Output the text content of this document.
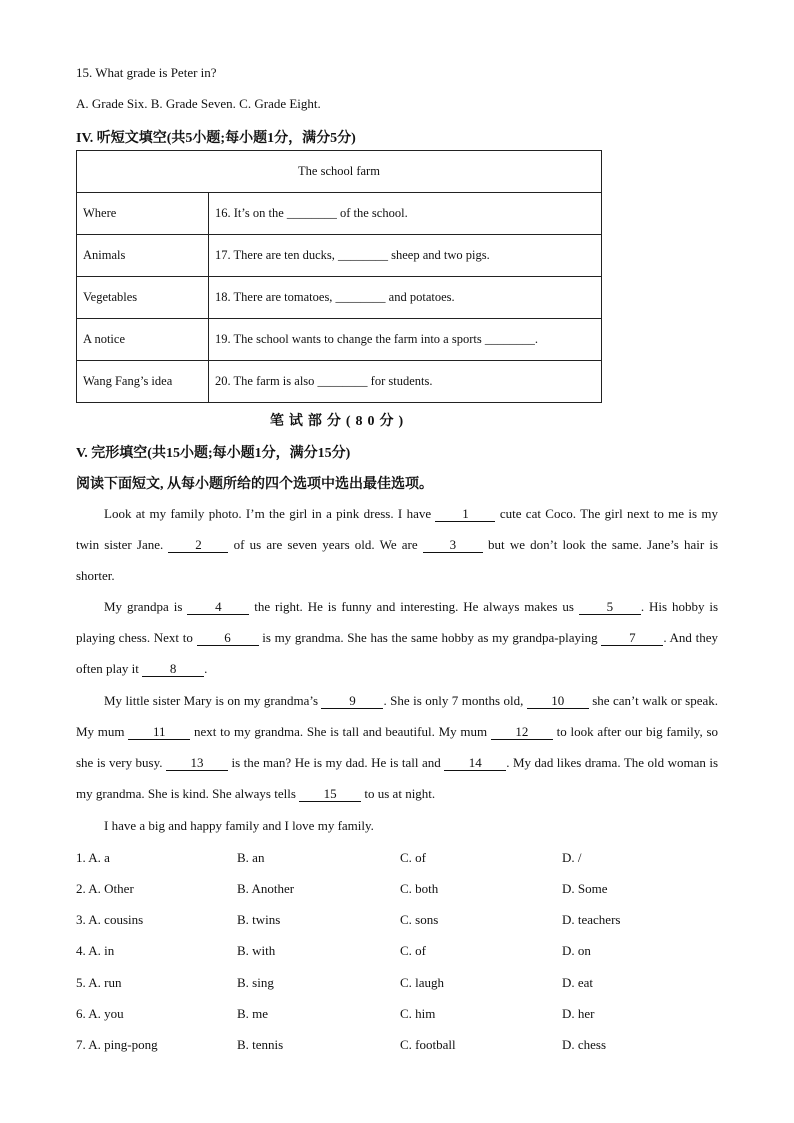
15. What grade is Peter in?
A. Grade Six. B. Grade Seven. C. Grade Eight.
IV. 听短文填空(共5小题;每小题1分，满分5分)
The school farm	
Where	16. It’s on the ________ of the school.
Animals	17. There are ten ducks, ________ sheep and two pigs.
Vegetables	18. There are tomatoes, ________ and potatoes.
A notice	19. The school wants to change the farm into a sports ________.
Wang Fang’s idea	20. The farm is also ________ for students.
笔试部分(80分)
V. 完形填空(共15小题;每小题1分，满分15分)
阅读下面短文, 从每小题所给的四个选项中选出最佳选项。
Look at my family photo. I’m the girl in a pink dress. I have 1 cute cat Coco. The girl next to me is my twin sister Jane. 2 of us are seven years old. We are 3 but we don’t look the same. Jane’s hair is shorter.
My grandpa is	4	the right. He is funny and interesting. He always makes us	5 . His hobby is playing chess. Next to 6 is my grandma. She has the same hobby as my grandpa-playing 7 . And they often play it 8 .
My little sister Mary is on my grandma’s 9 . She is only 7 months old, 10 she can’t walk or speak. My mum 11 next to my grandma. She is tall and beautiful. My mum 12 to look after our big family, so she is very busy. 13 is the man? He is my dad. He is tall and 14 . My dad likes drama. The old woman is my grandma. She is kind. She always tells 15 to us at night.
I have a big and happy family and I love my family.
1. A. a	B. an	C. of	D. /
2. A. Other	B. Another	C. both	D. Some
3. A. cousins	B. twins	C. sons	D. teachers
4. A. in	B. with	C. of	D. on
5. A. run	B. sing	C. laugh	D. eat
6. A. you	B. me	C. him	D. her
7. A. ping-pong	B. tennis	C. football	D. chess
